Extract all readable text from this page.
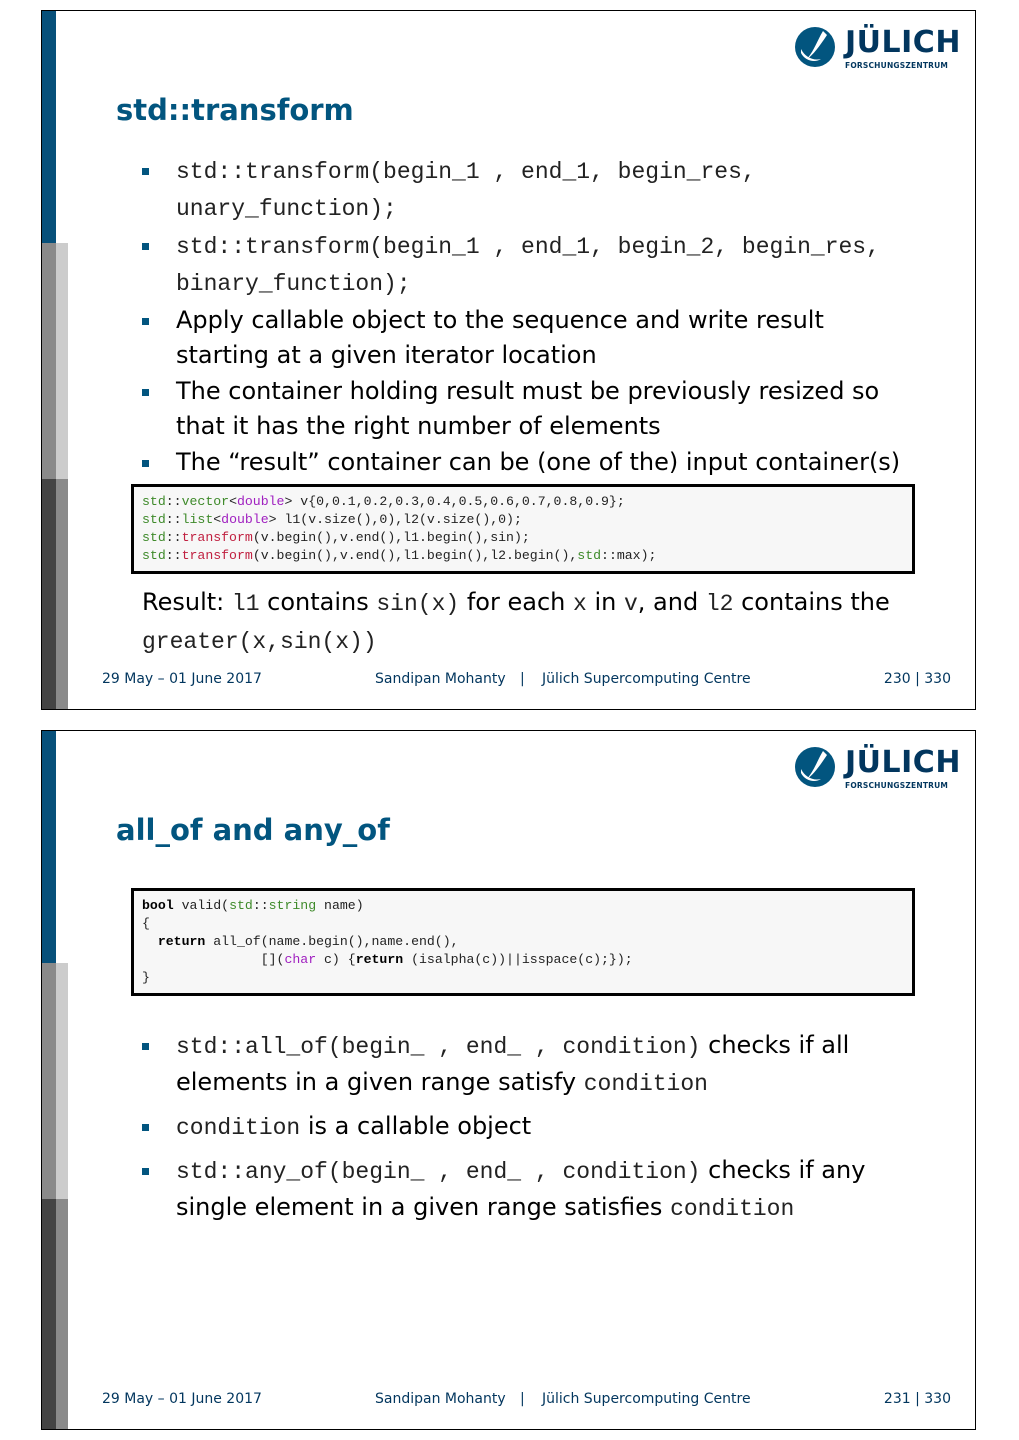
JÜLICH
FORSCHUNGSZENTRUM
std::transform
std::transform(begin_1 , end_1, begin_res, unary_function);
std::transform(begin_1 , end_1, begin_2, begin_res, binary_function);
Apply callable object to the sequence and write result starting at a given iterator location
The container holding result must be previously resized so that it has the right number of elements
The “result” container can be (one of the) input container(s)
std::vector<double> v{0,0.1,0.2,0.3,0.4,0.5,0.6,0.7,0.8,0.9};
std::list<double> l1(v.size(),0),l2(v.size(),0);
std::transform(v.begin(),v.end(),l1.begin(),sin);
std::transform(v.begin(),v.end(),l1.begin(),l2.begin(),std::max);
Result: l1 contains sin(x) for each x in v, and l2 contains the greater(x,sin(x))
29 May – 01 June 2017	Sandipan Mohanty | Jülich Supercomputing Centre	230 | 330
JÜLICH
FORSCHUNGSZENTRUM
all_of and any_of
bool valid(std::string name)
{
return all_of(name.begin(),name.end(),
[](char c) {return (isalpha(c))||isspace(c);});
}
std::all_of(begin_ , end_ , condition) checks if all elements in a given range satisfy condition
condition is a callable object
std::any_of(begin_ , end_ , condition) checks if any single element in a given range satisfies condition
29 May – 01 June 2017	Sandipan Mohanty | Jülich Supercomputing Centre	231 | 330
